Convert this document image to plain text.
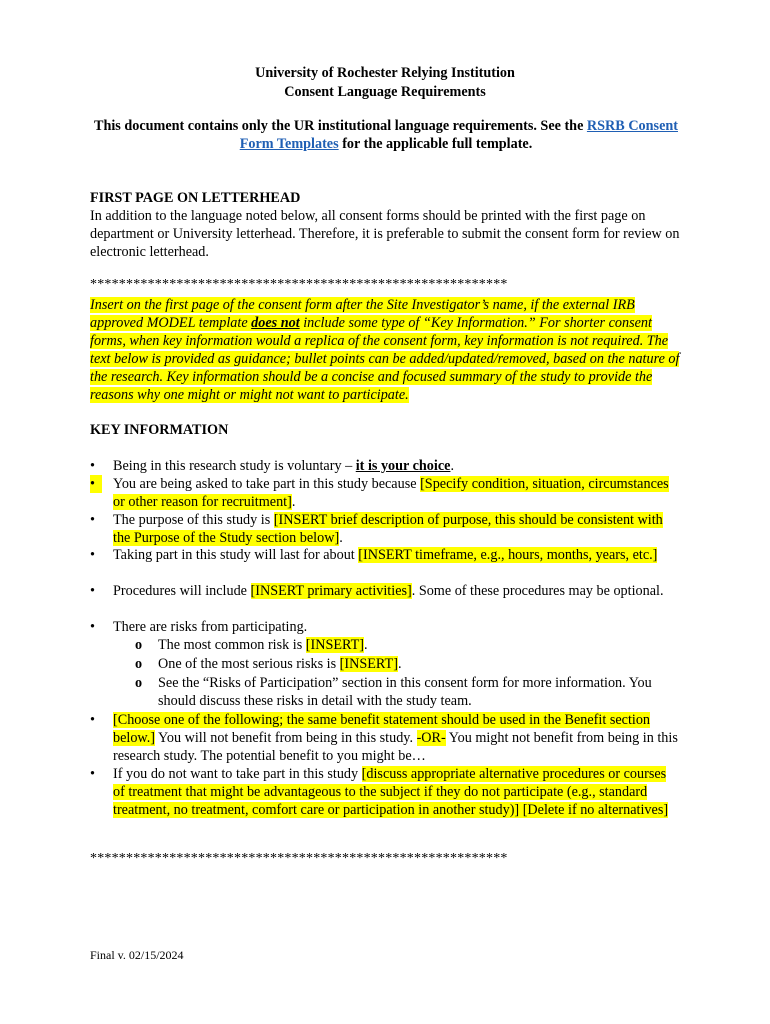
University of Rochester Relying Institution
Consent Language Requirements
This document contains only the UR institutional language requirements. See the RSRB Consent Form Templates for the applicable full template.
FIRST PAGE ON LETTERHEAD
In addition to the language noted below, all consent forms should be printed with the first page on department or University letterhead. Therefore, it is preferable to submit the consent form for review on electronic letterhead.
**********************************************************
Insert on the first page of the consent form after the Site Investigator’s name, if the external IRB approved MODEL template does not include some type of “Key Information.” For shorter consent forms, when key information would a replica of the consent form, key information is not required. The text below is provided as guidance; bullet points can be added/updated/removed, based on the nature of the research. Key information should be a concise and focused summary of the study to provide the reasons why one might or might not want to participate.
KEY INFORMATION
•	Being in this research study is voluntary – it is your choice.
•	You are being asked to take part in this study because [Specify condition, situation, circumstances or other reason for recruitment].
•	The purpose of this study is [INSERT brief description of purpose, this should be consistent with the Purpose of the Study section below].
•	Taking part in this study will last for about [INSERT timeframe, e.g., hours, months, years, etc.]
•	Procedures will include [INSERT primary activities]. Some of these procedures may be optional.
•	There are risks from participating.
o The most common risk is [INSERT].
o One of the most serious risks is [INSERT].
o See the “Risks of Participation” section in this consent form for more information. You should discuss these risks in detail with the study team.
•	[Choose one of the following; the same benefit statement should be used in the Benefit section below.] You will not benefit from being in this study. -OR- You might not benefit from being in this research study. The potential benefit to you might be…
•	If you do not want to take part in this study [discuss appropriate alternative procedures or courses of treatment that might be advantageous to the subject if they do not participate (e.g., standard treatment, no treatment, comfort care or participation in another study)] [Delete if no alternatives]
**********************************************************
Final v. 02/15/2024
